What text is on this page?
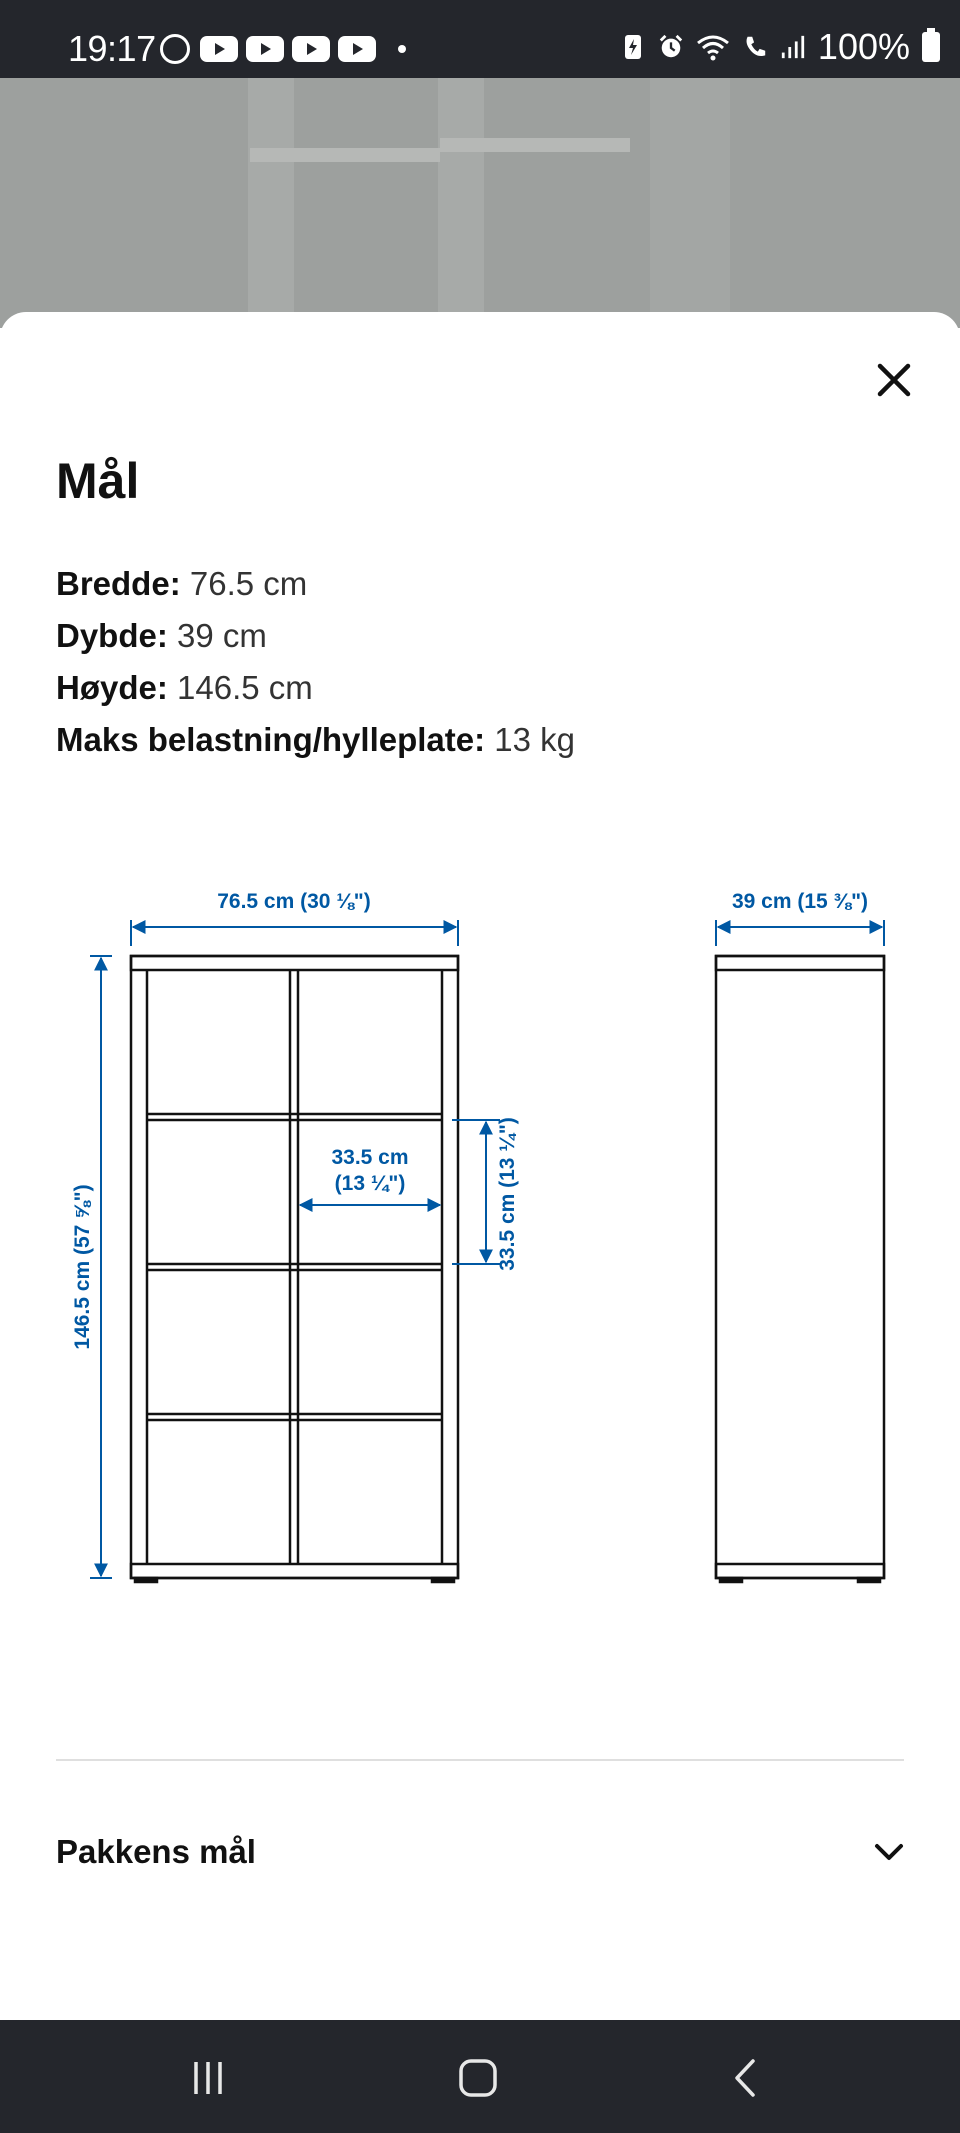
19:17	100%
Mål
Bredde: 76.5 cm
Dybde: 39 cm
Høyde: 146.5 cm
Maks belastning/hylleplate: 13 kg
76.5 cm (30 ⅛")	39 cm (15 ⅜")
146.5 cm (57 ⅝")
33.5 cm
(13 ¼")	33.5 cm (13 ¼")
Pakkens mål
